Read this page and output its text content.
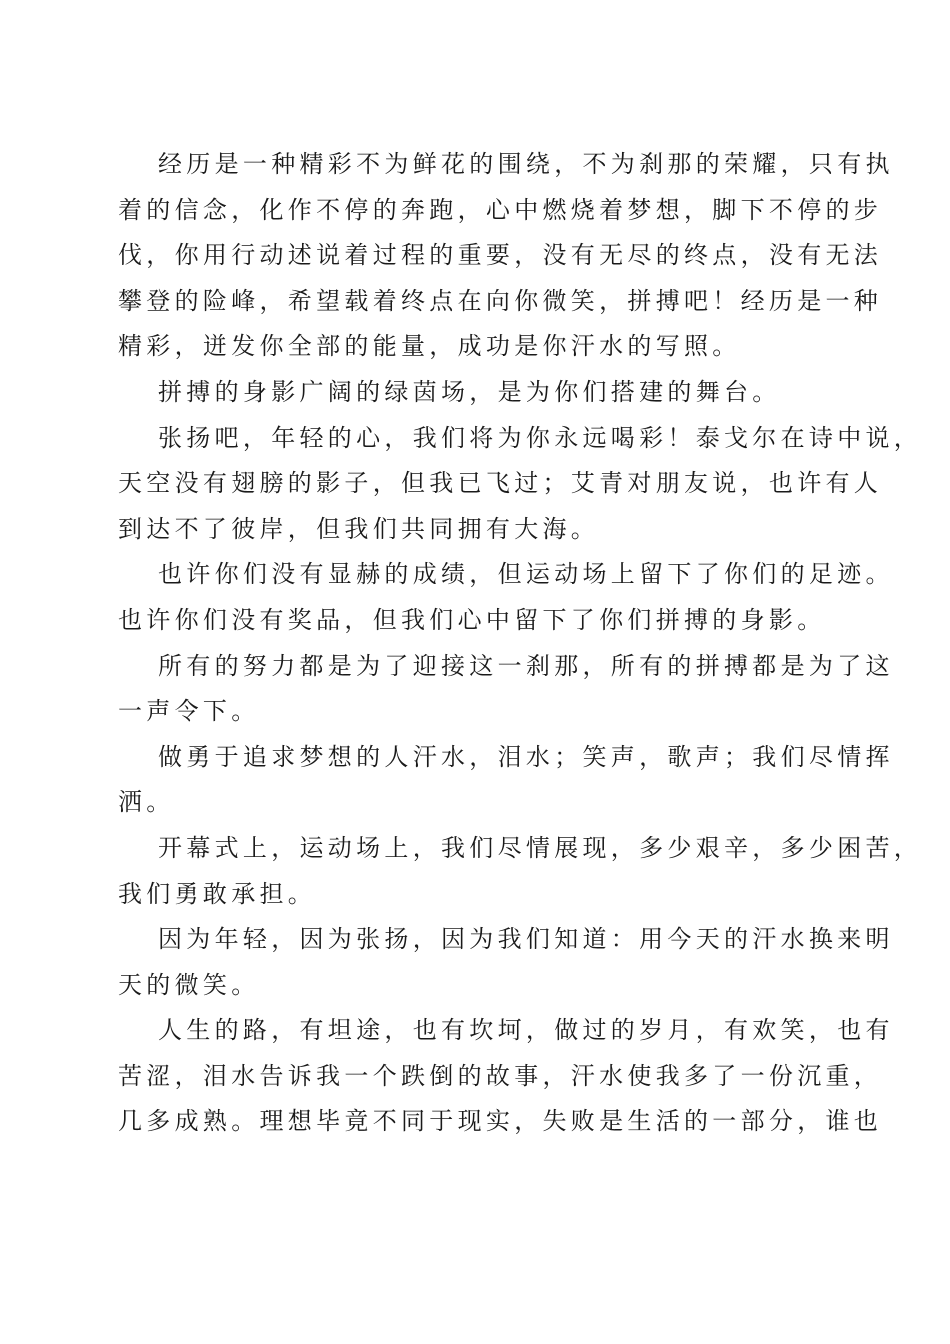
经历是一种精彩不为鲜花的围绕，不为刹那的荣耀，只有执
着的信念，化作不停的奔跑，心中燃烧着梦想，脚下不停的步
伐，你用行动述说着过程的重要，没有无尽的终点，没有无法
攀登的险峰，希望载着终点在向你微笑，拼搏吧！经历是一种
精彩，迸发你全部的能量，成功是你汗水的写照。
拼搏的身影广阔的绿茵场，是为你们搭建的舞台。
张扬吧，年轻的心，我们将为你永远喝彩！泰戈尔在诗中说，
天空没有翅膀的影子，但我已飞过；艾青对朋友说，也许有人
到达不了彼岸，但我们共同拥有大海。
也许你们没有显赫的成绩，但运动场上留下了你们的足迹。
也许你们没有奖品，但我们心中留下了你们拼搏的身影。
所有的努力都是为了迎接这一刹那，所有的拼搏都是为了这
一声令下。
做勇于追求梦想的人汗水，泪水；笑声，歌声；我们尽情挥
洒。
开幕式上，运动场上，我们尽情展现，多少艰辛，多少困苦，
我们勇敢承担。
因为年轻，因为张扬，因为我们知道：用今天的汗水换来明
天的微笑。
人生的路，有坦途，也有坎坷，做过的岁月，有欢笑，也有
苦涩，泪水告诉我一个跌倒的故事，汗水使我多了一份沉重，
几多成熟。理想毕竟不同于现实，失败是生活的一部分，谁也
